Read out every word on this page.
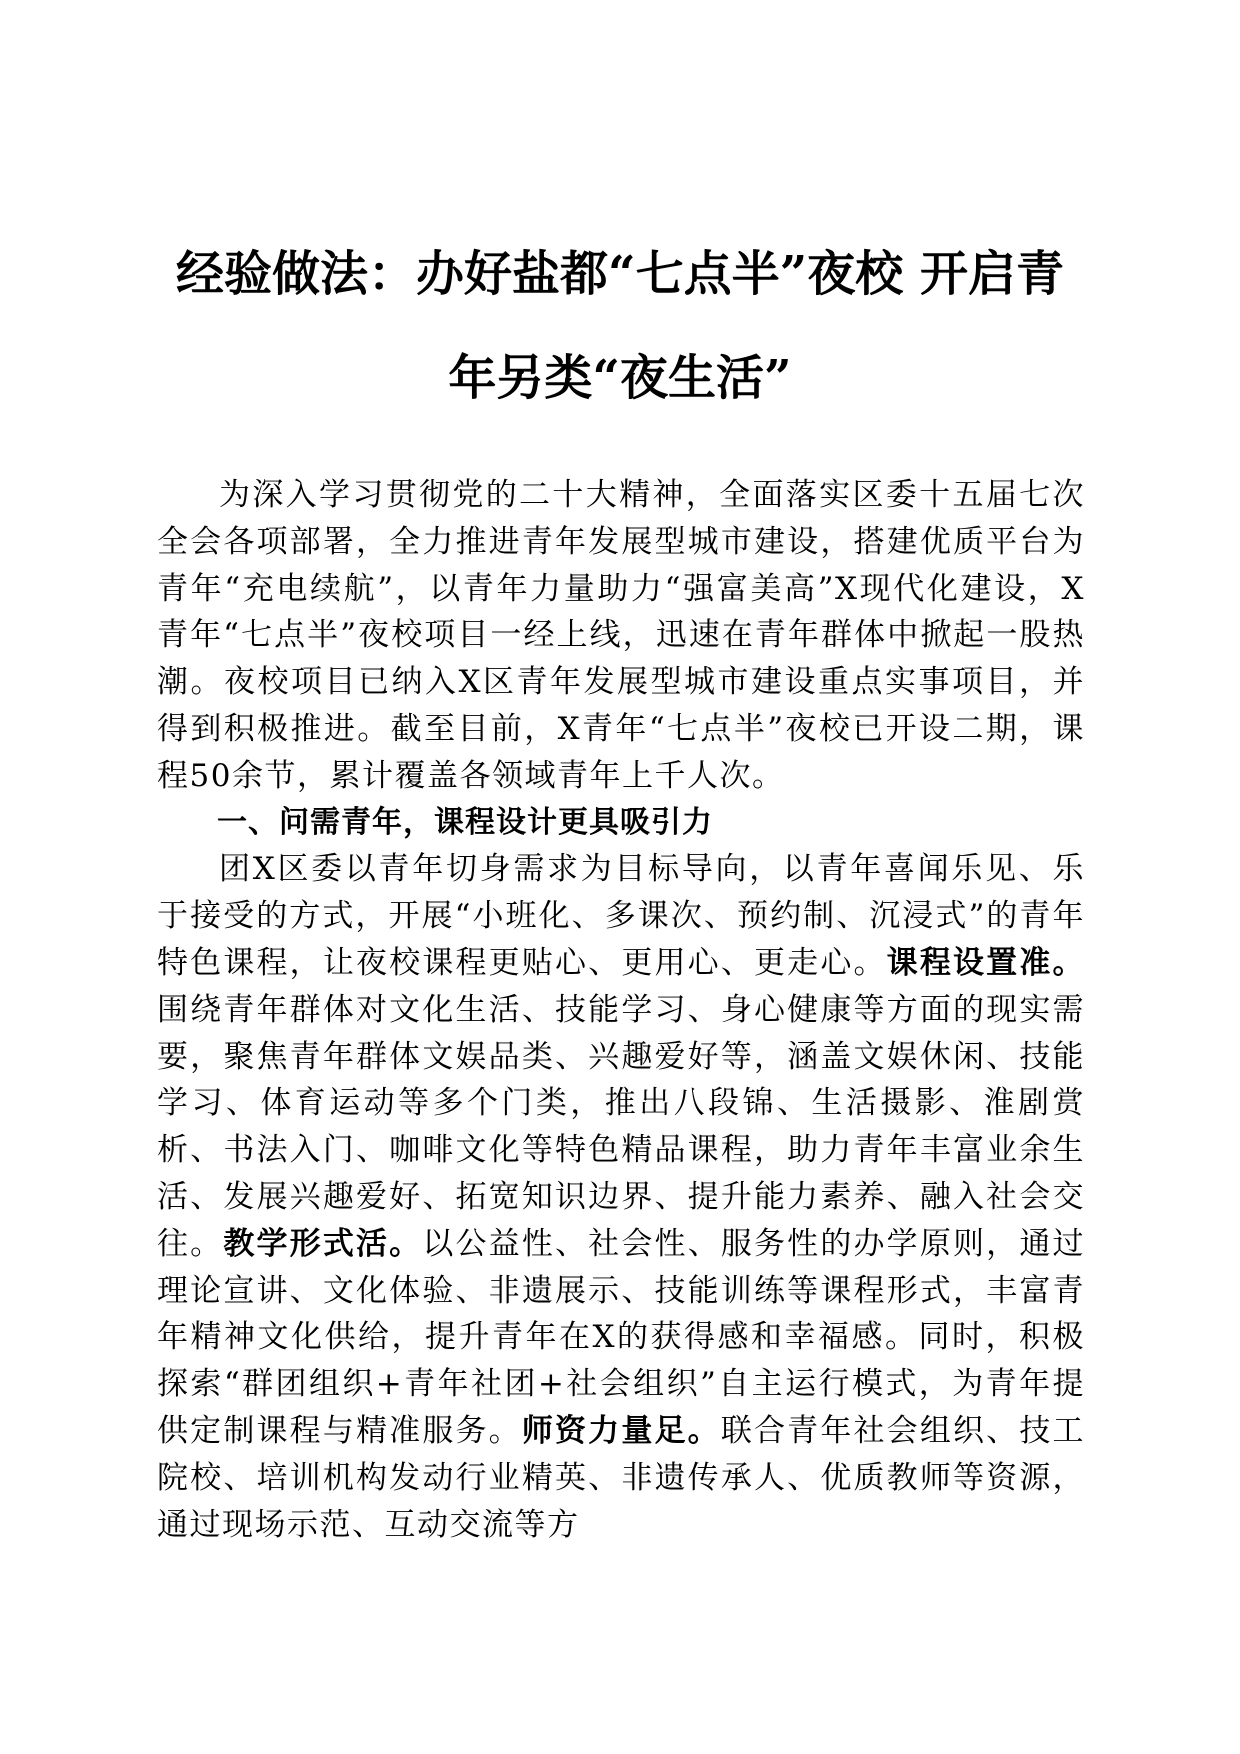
经验做法：办好盐都“七点半”夜校 开启青
年另类“夜生活”

为深入学习贯彻党的二十大精神，全面落实区委十五届七次全会各项部署，全力推进青年发展型城市建设，搭建优质平台为青年“充电续航”，以青年力量助力“强富美高”X现代化建设，X青年“七点半”夜校项目一经上线，迅速在青年群体中掀起一股热潮。夜校项目已纳入X区青年发展型城市建设重点实事项目，并得到积极推进。截至目前，X青年“七点半”夜校已开设二期，课程50余节，累计覆盖各领域青年上千人次。

一、问需青年，课程设计更具吸引力

团X区委以青年切身需求为目标导向，以青年喜闻乐见、乐于接受的方式，开展“小班化、多课次、预约制、沉浸式”的青年特色课程，让夜校课程更贴心、更用心、更走心。课程设置准。围绕青年群体对文化生活、技能学习、身心健康等方面的现实需要，聚焦青年群体文娱品类、兴趣爱好等，涵盖文娱休闲、技能学习、体育运动等多个门类，推出八段锦、生活摄影、淮剧赏析、书法入门、咖啡文化等特色精品课程，助力青年丰富业余生活、发展兴趣爱好、拓宽知识边界、提升能力素养、融入社会交往。教学形式活。以公益性、社会性、服务性的办学原则，通过理论宣讲、文化体验、非遗展示、技能训练等课程形式，丰富青年精神文化供给，提升青年在X的获得感和幸福感。同时，积极探索“群团组织+青年社团+社会组织”自主运行模式，为青年提供定制课程与精准服务。师资力量足。联合青年社会组织、技工院校、培训机构发动行业精英、非遗传承人、优质教师等资源，通过现场示范、互动交流等方
